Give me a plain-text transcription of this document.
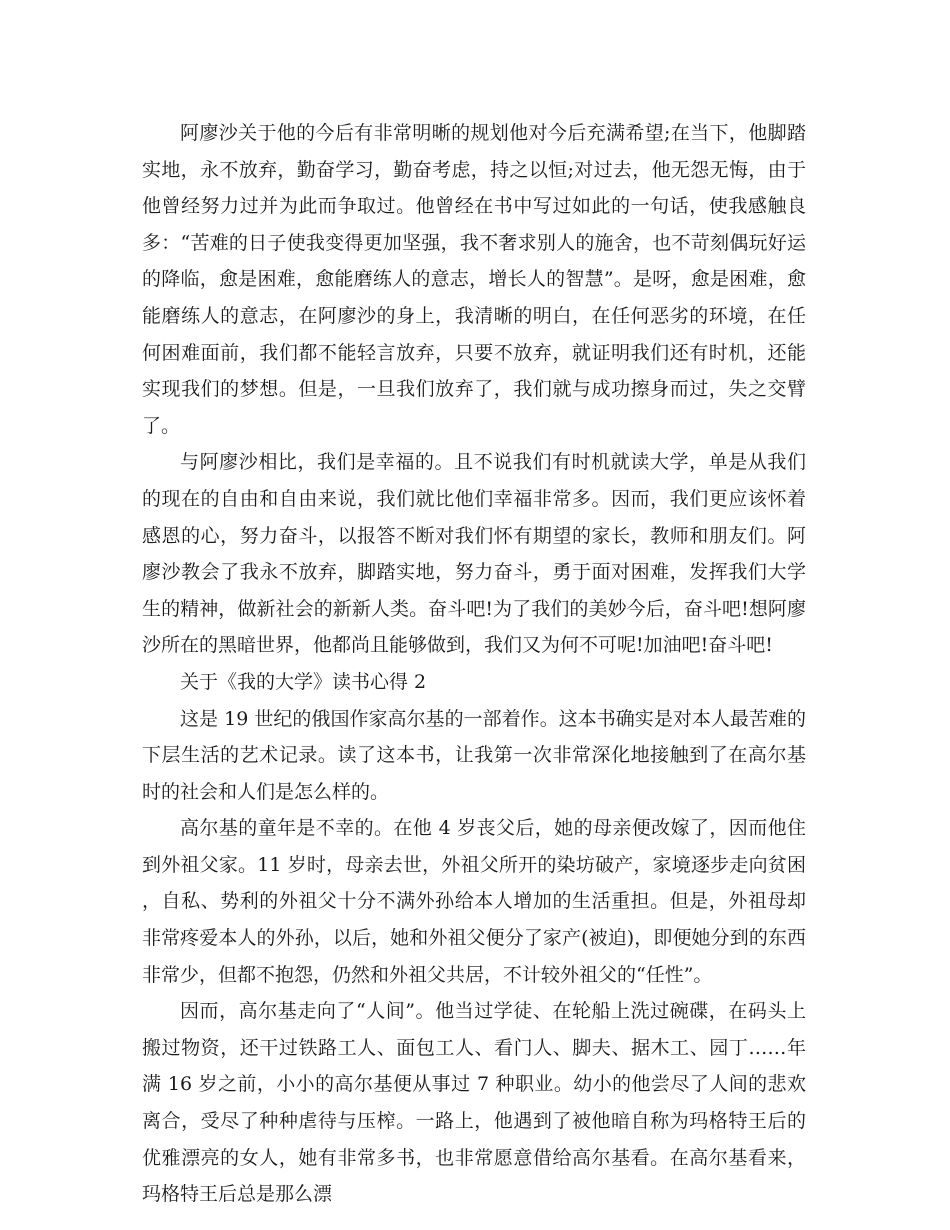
阿廖沙关于他的今后有非常明晰的规划他对今后充满希望;在当下，他脚踏实地，永不放弃，勤奋学习，勤奋考虑，持之以恒;对过去，他无怨无悔，由于他曾经努力过并为此而争取过。他曾经在书中写过如此的一句话，使我感触良多：“苦难的日子使我变得更加坚强，我不奢求别人的施舍，也不苛刻偶玩好运的降临，愈是困难，愈能磨练人的意志，增长人的智慧”。是呀，愈是困难，愈能磨练人的意志，在阿廖沙的身上，我清晰的明白，在任何恶劣的环境，在任何困难面前，我们都不能轻言放弃，只要不放弃，就证明我们还有时机，还能实现我们的梦想。但是，一旦我们放弃了，我们就与成功擦身而过，失之交臂了。

与阿廖沙相比，我们是幸福的。且不说我们有时机就读大学，单是从我们的现在的自由和自由来说，我们就比他们幸福非常多。因而，我们更应该怀着感恩的心，努力奋斗，以报答不断对我们怀有期望的家长，教师和朋友们。阿廖沙教会了我永不放弃，脚踏实地，努力奋斗，勇于面对困难，发挥我们大学生的精神，做新社会的新新人类。奋斗吧!为了我们的美妙今后，奋斗吧!想阿廖沙所在的黑暗世界，他都尚且能够做到，我们又为何不可呢!加油吧!奋斗吧!

关于《我的大学》读书心得 2

这是 19 世纪的俄国作家高尔基的一部着作。这本书确实是对本人最苦难的下层生活的艺术记录。读了这本书，让我第一次非常深化地接触到了在高尔基时的社会和人们是怎么样的。

高尔基的童年是不幸的。在他 4 岁丧父后，她的母亲便改嫁了，因而他住到外祖父家。11 岁时，母亲去世，外祖父所开的染坊破产，家境逐步走向贫困，自私、势利的外祖父十分不满外孙给本人增加的生活重担。但是，外祖母却非常疼爱本人的外孙，以后，她和外祖父便分了家产(被迫)，即便她分到的东西非常少，但都不抱怨，仍然和外祖父共居，不计较外祖父的“任性”。

因而，高尔基走向了“人间”。他当过学徒、在轮船上洗过碗碟，在码头上搬过物资，还干过铁路工人、面包工人、看门人、脚夫、据木工、园丁……年满 16 岁之前，小小的高尔基便从事过 7 种职业。幼小的他尝尽了人间的悲欢离合，受尽了种种虐待与压榨。一路上，他遇到了被他暗自称为玛格特王后的优雅漂亮的女人，她有非常多书，也非常愿意借给高尔基看。在高尔基看来，玛格特王后总是那么漂
